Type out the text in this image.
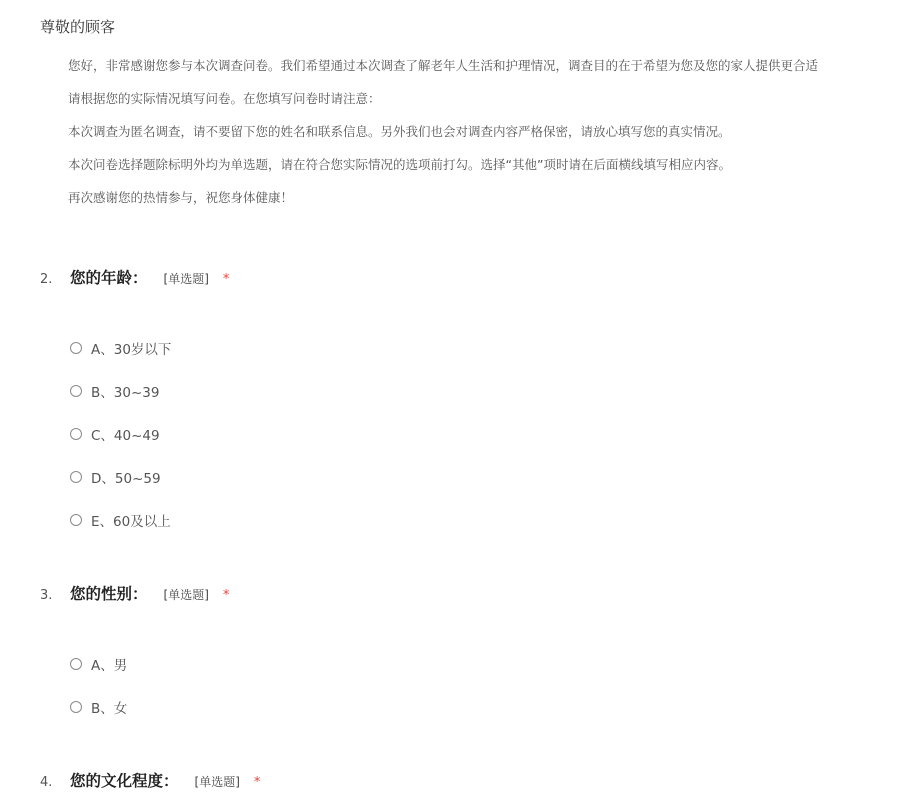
尊敬的顾客
您好，非常感谢您参与本次调查问卷。我们希望通过本次调查了解老年人生活和护理情况，调查目的在于希望为您及您的家人提供更合适
请根据您的实际情况填写问卷。在您填写问卷时请注意：
本次调查为匿名调查，请不要留下您的姓名和联系信息。另外我们也会对调查内容严格保密，请放心填写您的真实情况。
本次问卷选择题除标明外均为单选题，请在符合您实际情况的选项前打勾。选择“其他”项时请在后面横线填写相应内容。
再次感谢您的热情参与，祝您身体健康！
2.	您的年龄： [单选题] *
A、30岁以下
B、30~39
C、40~49
D、50~59
E、60及以上
3.	您的性别： [单选题] *
A、男
B、女
4.	您的文化程度： [单选题] *
